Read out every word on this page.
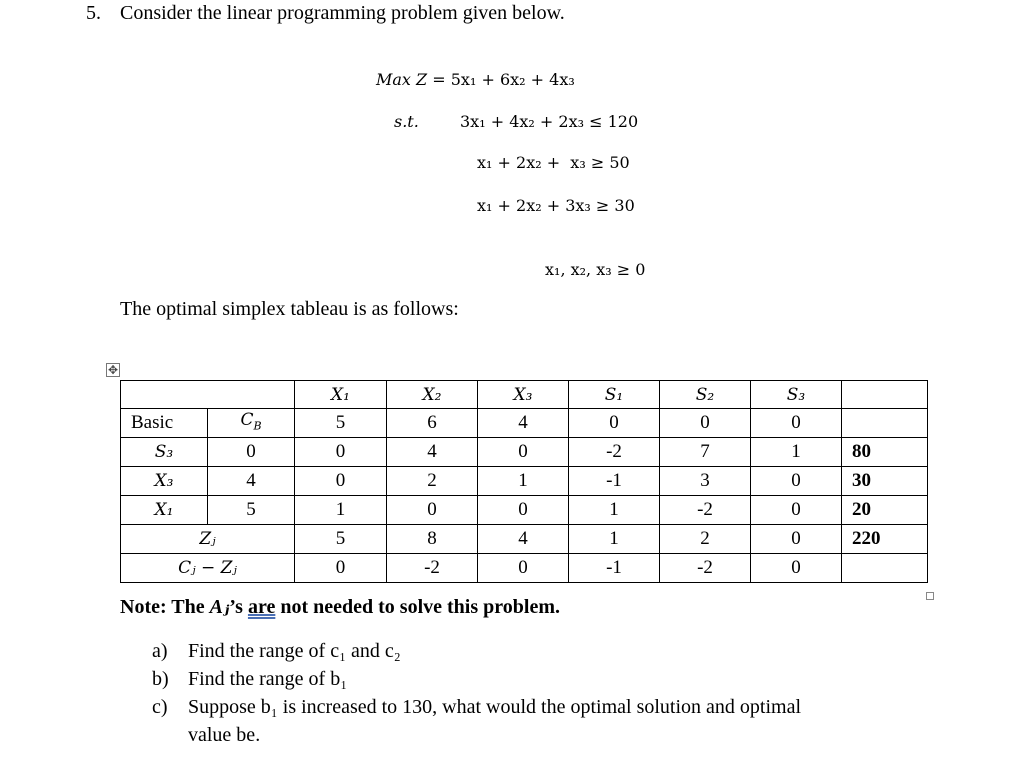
5. Consider the linear programming problem given below.
Max Z = 5x₁ + 6x₂ + 4x₃
s.t.	3x₁ + 4x₂ + 2x₃ ≤ 120
x₁ + 2x₂ +  x₃ ≥ 50
x₁ + 2x₂ + 3x₃ ≥ 30
x₁, x₂, x₃ ≥ 0
The optimal simplex tableau is as follows:
✥
		X₁	X₂	X₃	S₁	S₂	S₃	
Basic	$C_B$	5	6	4	0	0	0	
S₃	0	0	4	0	-2	7	1	80
X₃	4	0	2	1	-1	3	0	30
X₁	5	1	0	0	1	-2	0	20
Zⱼ		5	8	4	1	2	0	220
Cⱼ − Zⱼ		0	-2	0	-1	-2	0	
Note: The Aⱼ’s are not needed to solve this problem.
a) Find the range of c₁ and c₂
b) Find the range of b₁
c) Suppose b₁ is increased to 130, what would the optimal solution and optimal
value be.
